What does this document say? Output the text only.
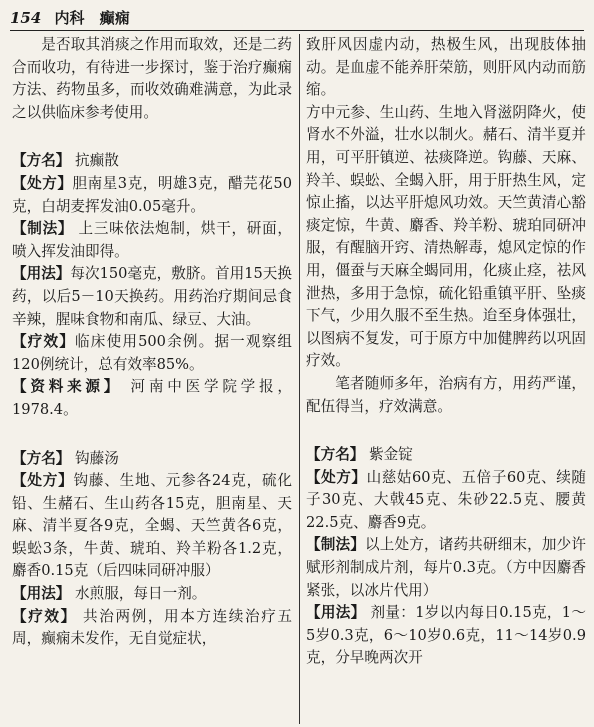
154 内科 癫痫

是否取其消痰之作用而取效，还是二药合而收功，有待进一步探讨，鉴于治疗癫痫方法、药物虽多，而收效确难满意，为此录之以供临床参考使用。

【方名】 抗癫散

【处方】胆南星3克，明雄3克，醋芫花50克，白胡麦挥发油0.05毫升。

【制法】 上三味依法炮制，烘干，研面，喷入挥发油即得。

【用法】每次150毫克，敷脐。首用15天换药，以后5－10天换药。用药治疗期间忌食辛辣，腥味食物和南瓜、绿豆、大油。

【疗效】临床使用500余例。据一观察组120例统计，总有效率85%。

【资料来源】 河南中医学院学报，1978.4。

【方名】 钩藤汤

【处方】钩藤、生地、元参各24克，硫化铅、生赭石、生山药各15克，胆南星、天麻、清半夏各9克，全蝎、天竺黄各6克，蜈蚣3条，牛黄、琥珀、羚羊粉各1.2克，麝香0.15克（后四味同研冲服）

【用法】 水煎服，每日一剂。

【疗效】 共治两例，用本方连续治疗五周，癫痫未发作，无自觉症状，

致肝风因虚内动，热极生风，出现肢体抽动。是血虚不能养肝荣筋，则肝风内动而筋缩。

方中元参、生山药、生地入肾滋阴降火，使肾水不外溢，壮水以制火。赭石、清半夏并用，可平肝镇逆、祛痰降逆。钩藤、天麻、羚羊、蜈蚣、全蝎入肝，用于肝热生风，定惊止搐，以达平肝熄风功效。天竺黄清心豁痰定惊，牛黄、麝香、羚羊粉、琥珀同研冲服，有醒脑开窍、清热解毒，熄风定惊的作用，僵蚕与天麻全蝎同用，化痰止痉，祛风泄热，多用于急惊，硫化铅重镇平肝、坠痰下气，少用久服不至生热。迨至身体强壮，以图病不复发，可于原方中加健脾药以巩固疗效。

笔者随师多年，治病有方，用药严谨，配伍得当，疗效满意。

【方名】 紫金锭

【处方】山慈姑60克、五倍子60克、续随子30克、大戟45克、朱砂22.5克、腰黄22.5克、麝香9克。

【制法】以上处方，诸药共研细末，加少许赋形剂制成片剂，每片0.3克。（方中因麝香紧张，以冰片代用）

【用法】 剂量：1岁以内每日0.15克，1～5岁0.3克，6～10岁0.6克，11～14岁0.9克，分早晚两次开
